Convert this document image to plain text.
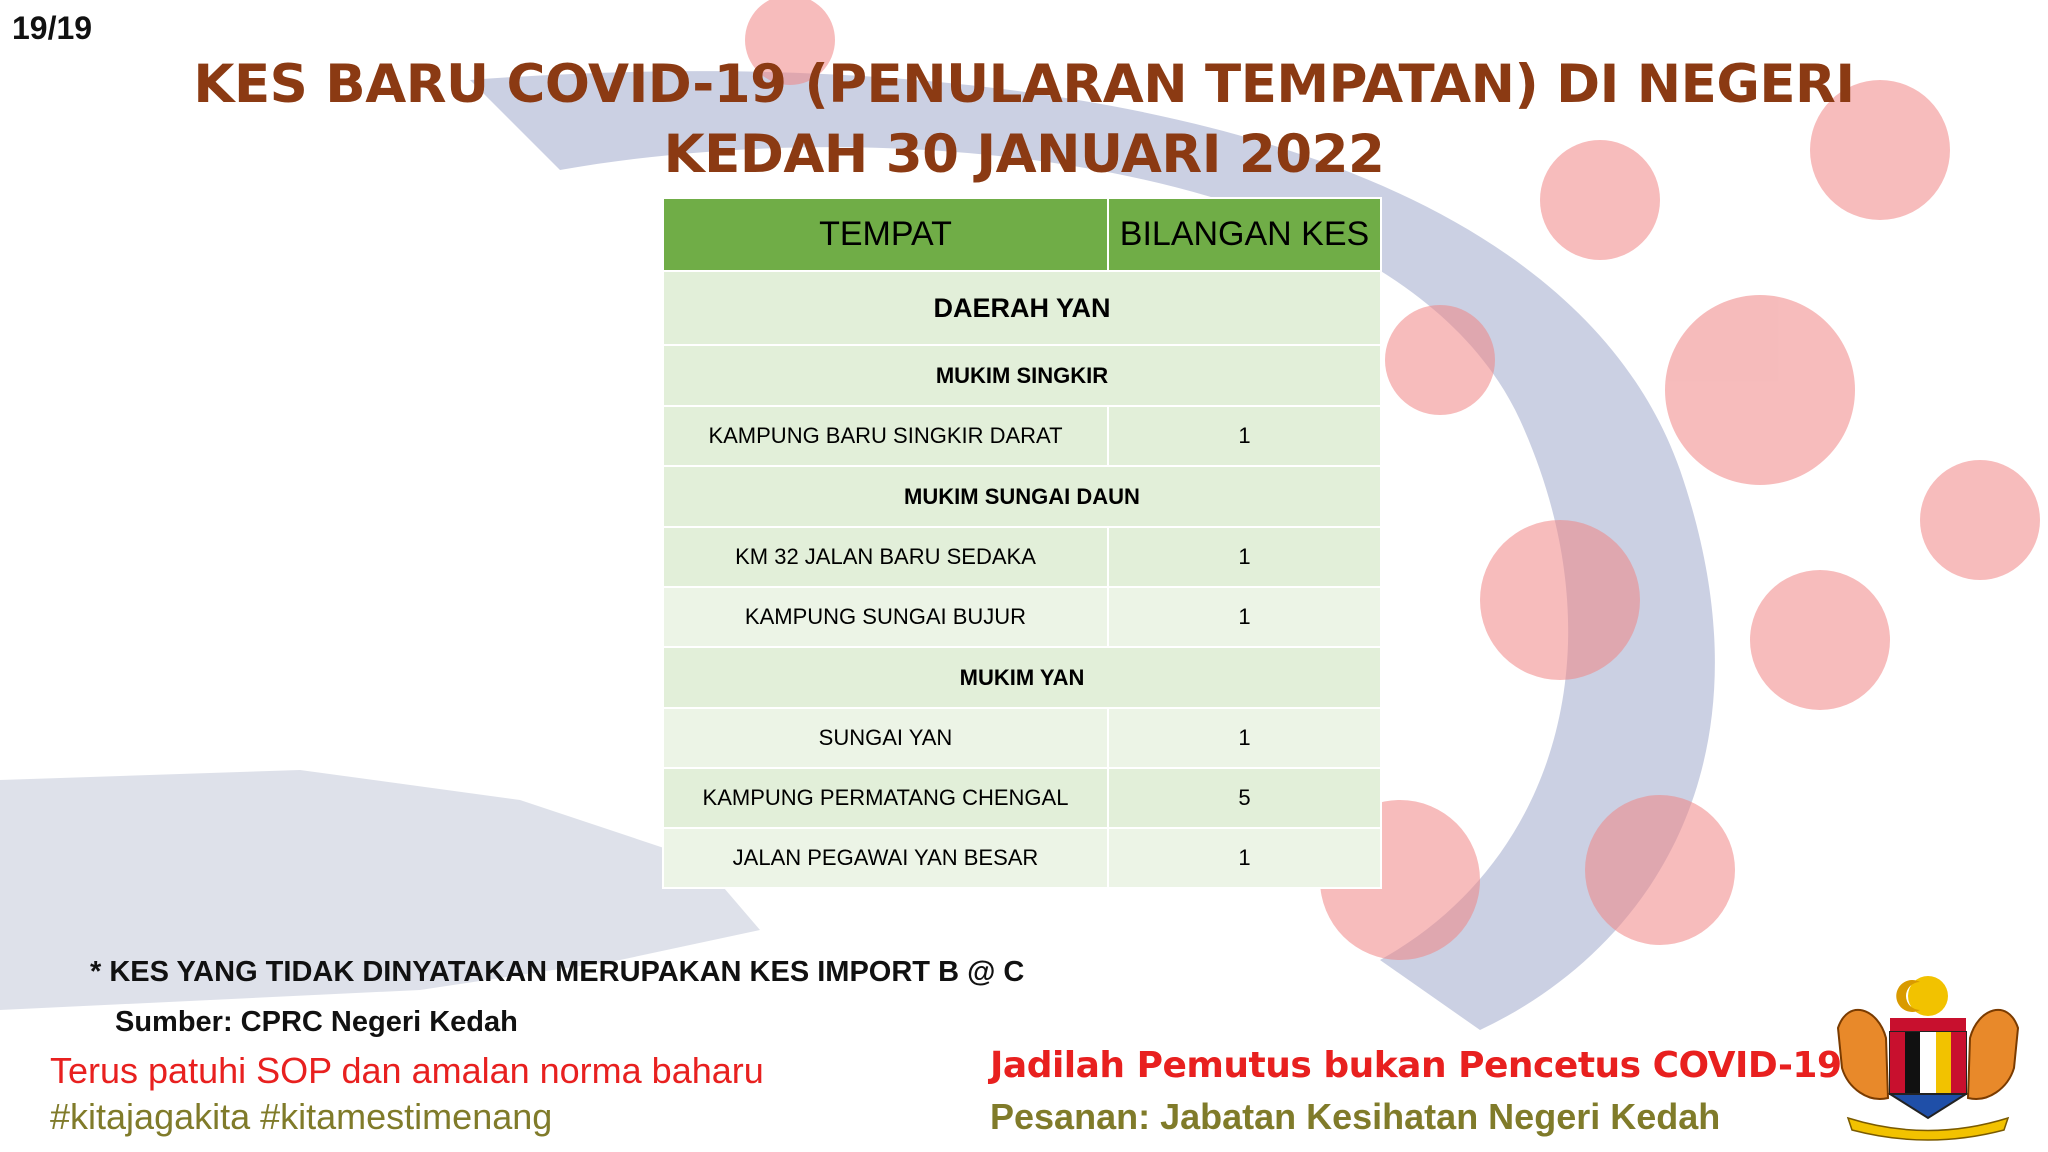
19/19
KES BARU COVID-19 (PENULARAN TEMPATAN) DI NEGERI
KEDAH 30 JANUARI 2022
TEMPAT	BILANGAN KES
DAERAH YAN	
MUKIM SINGKIR	
KAMPUNG BARU SINGKIR DARAT	1
MUKIM SUNGAI DAUN	
KM 32 JALAN BARU SEDAKA	1
KAMPUNG SUNGAI BUJUR	1
MUKIM YAN	
SUNGAI YAN	1
KAMPUNG PERMATANG CHENGAL	5
JALAN PEGAWAI YAN BESAR	1
* KES YANG TIDAK DINYATAKAN MERUPAKAN KES IMPORT B @ C
Sumber: CPRC Negeri Kedah
Terus patuhi SOP dan amalan norma baharu
#kitajagakita #kitamestimenang
Jadilah Pemutus bukan Pencetus COVID-19
Pesanan: Jabatan Kesihatan Negeri Kedah
